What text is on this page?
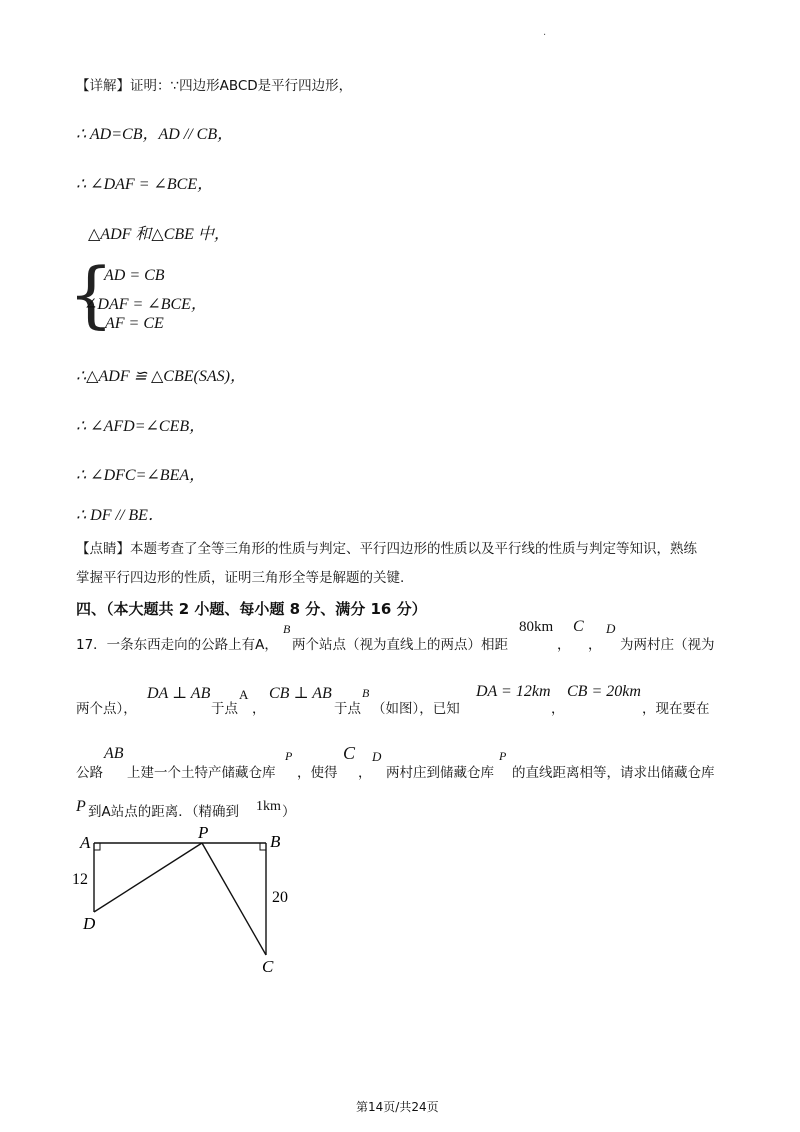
·
【详解】证明：∵四边形ABCD是平行四边形，
∴ AD=CB，AD // CB，
∴ ∠DAF = ∠BCE，
△ADF 和△CBE 中，
{
AD = CB
∠DAF = ∠BCE，
AF = CE
∴△ADF ≌ △CBE(SAS)，
∴ ∠AFD=∠CEB，
∴ ∠DFC=∠BEA，
∴ DF // BE．
【点睛】本题考查了全等三角形的性质与判定、平行四边形的性质以及平行线的性质与判定等知识，熟练
掌握平行四边形的性质，证明三角形全等是解题的关键.
四、（本大题共 2 小题、每小题 8 分、满分 16 分）
17．一条东西走向的公路上有A，
B
两个站点（视为直线上的两点）相距
80km
，
C
，
D
为两村庄（视为
两个点），
DA ⊥ AB
于点
A
，
CB ⊥ AB
于点
B
（如图），已知
DA = 12km
，
CB = 20km
，现在要在
公路
AB
上建一个土特产储藏仓库
P
，使得
C
，
D
两村庄到储藏仓库
P
的直线距离相等，请求出储藏仓库
P 到A站点的距离．（精确到 1km ）
A
P	B
D
C
12
20
第14页/共24页
